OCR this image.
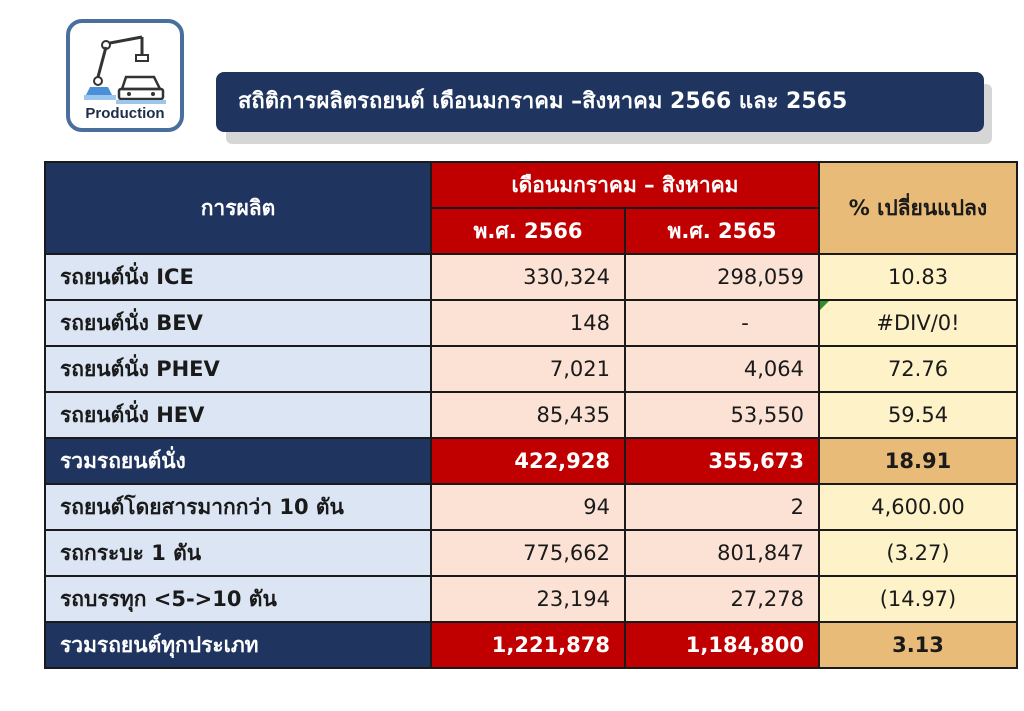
Production	สถิติการผลิตรถยนต์ เดือนมกราคม –สิงหาคม 2566 และ 2565
การผลิต	เดือนมกราคม – สิงหาคม		% เปลี่ยนแปลง
	พ.ศ. 2566	พ.ศ. 2565	
รถยนต์นั่ง ICE	330,324	298,059	10.83
รถยนต์นั่ง BEV	148	-	#DIV/0!
รถยนต์นั่ง PHEV	7,021	4,064	72.76
รถยนต์นั่ง HEV	85,435	53,550	59.54
รวมรถยนต์นั่ง	422,928	355,673	18.91
รถยนต์โดยสารมากกว่า 10 ตัน	94	2	4,600.00
รถกระบะ 1 ตัน	775,662	801,847	(3.27)
รถบรรทุก <5->10 ตัน	23,194	27,278	(14.97)
รวมรถยนต์ทุกประเภท	1,221,878	1,184,800	3.13
